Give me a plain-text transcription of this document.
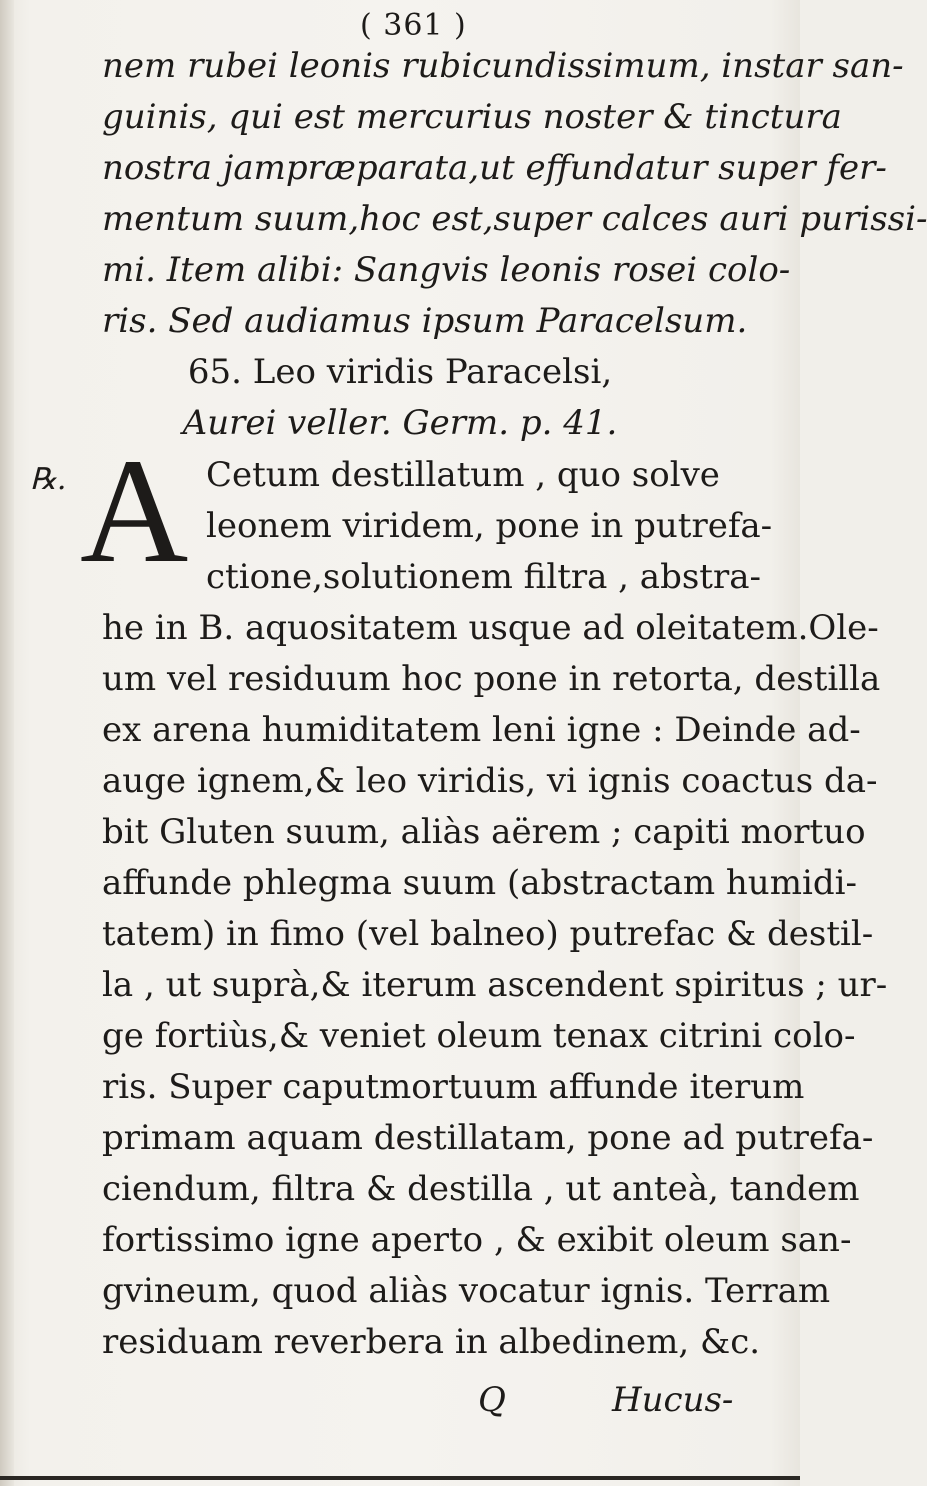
( 361 )
nem rubei leonis rubicundissimum, instar san-
guinis, qui est mercurius noster & tinctura
nostra jampræparata,ut effundatur super fer-
mentum suum,hoc est,super calces auri purissi-
mi. Item alibi: Sangvis leonis rosei colo-
ris. Sed audiamus ipsum Paracelsum.
65. Leo viridis Paracelsi,
Aurei veller. Germ. p. 41.
℞. A Cetum destillatum , quo solve
leonem viridem, pone in putrefa-
ctione,solutionem filtra , abstra-
he in B. aquositatem usque ad oleitatem.Ole-
um vel residuum hoc pone in retorta, destilla
ex arena humiditatem leni igne : Deinde ad-
auge ignem,& leo viridis, vi ignis coactus da-
bit Gluten suum, aliàs aërem ; capiti mortuo
affunde phlegma suum (abstractam humidi-
tatem) in fimo (vel balneo) putrefac & destil-
la , ut suprà,& iterum ascendent spiritus ; ur-
ge fortiùs,& veniet oleum tenax citrini colo-
ris. Super caputmortuum affunde iterum
primam aquam destillatam, pone ad putrefa-
ciendum, filtra & destilla , ut anteà, tandem
fortissimo igne aperto , & exibit oleum san-
gvineum, quod aliàs vocatur ignis. Terram
residuam reverbera in albedinem, &c.
Q	Hucus-
